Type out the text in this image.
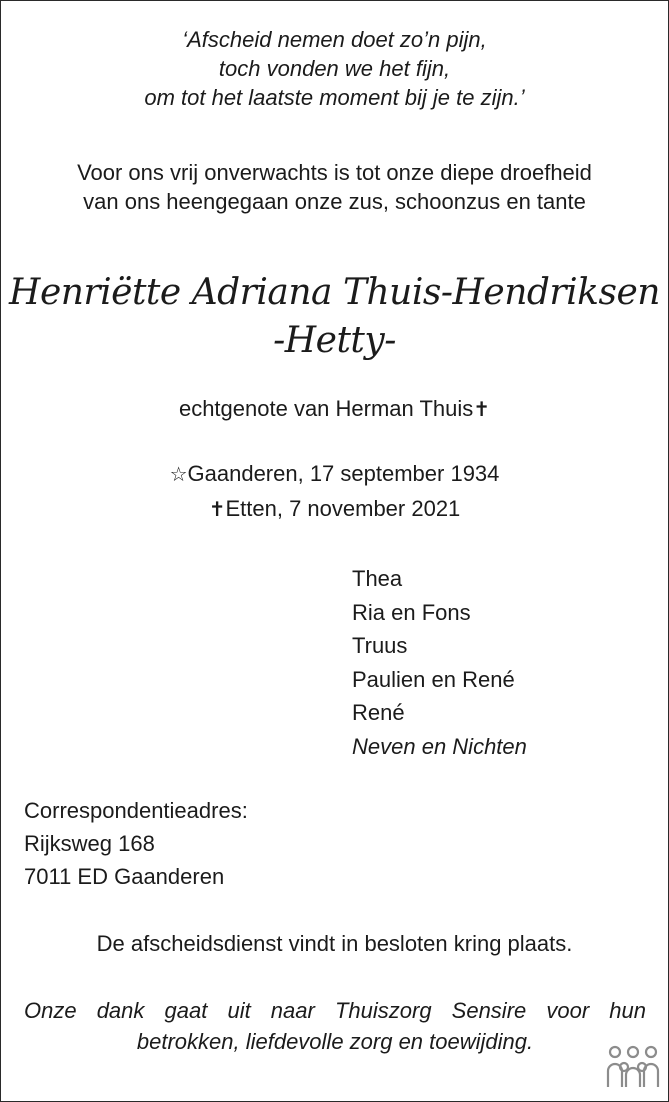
‘Afscheid nemen doet zo’n pijn,
toch vonden we het fijn,
om tot het laatste moment bij je te zijn.’
Voor ons vrij onverwachts is tot onze diepe droefheid
van ons heengegaan onze zus, schoonzus en tante
Henriëtte Adriana Thuis-Hendriksen
-Hetty-
echtgenote van Herman Thuis✝
☆Gaanderen, 17 september 1934
✝Etten, 7 november 2021
Thea
Ria en Fons
Truus
Paulien en René
René
Neven en Nichten
Correspondentieadres:
Rijksweg 168
7011 ED Gaanderen
De afscheidsdienst vindt in besloten kring plaats.
Onze dank gaat uit naar Thuiszorg Sensire voor hun
betrokken, liefdevolle zorg en toewijding.
